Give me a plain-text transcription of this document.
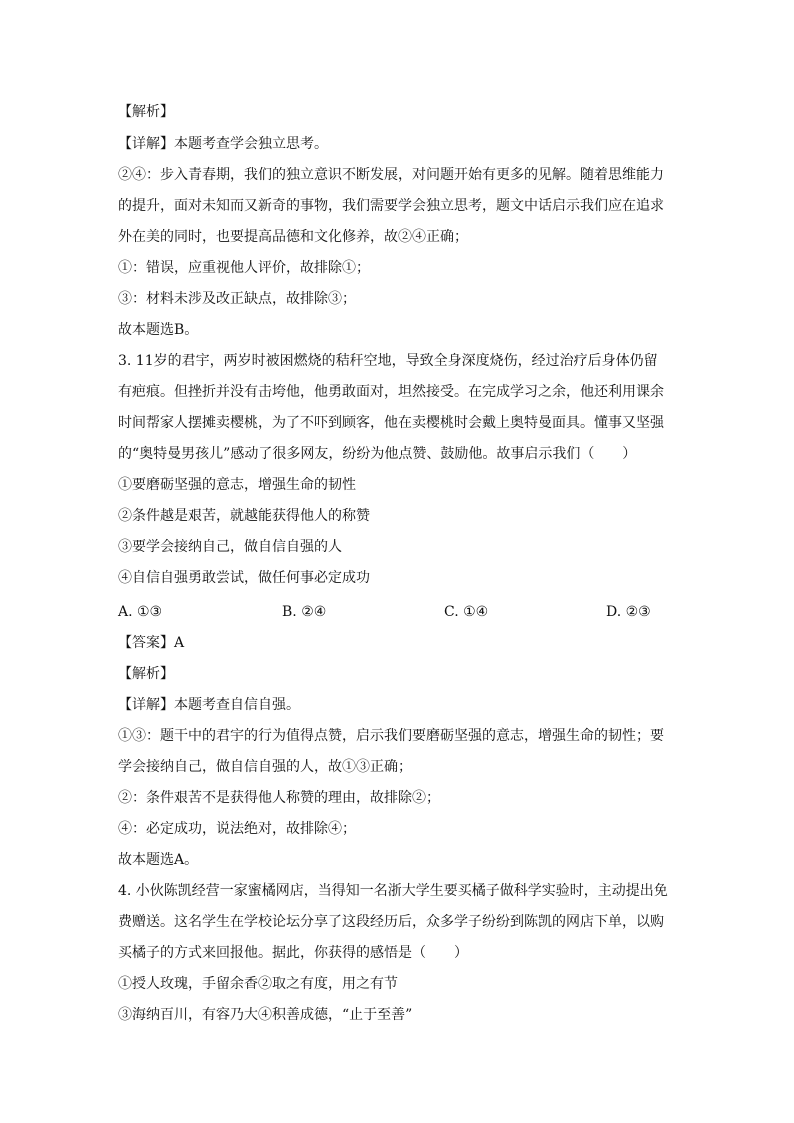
【解析】
【详解】本题考查学会独立思考。
②④：步入青春期，我们的独立意识不断发展，对问题开始有更多的见解。随着思维能力
的提升，面对未知而又新奇的事物，我们需要学会独立思考，题文中话启示我们应在追求
外在美的同时，也要提高品德和文化修养，故②④正确；
①：错误，应重视他人评价，故排除①；
③：材料未涉及改正缺点，故排除③；
故本题选B。
3. 11岁的君宇，两岁时被困燃烧的秸秆空地，导致全身深度烧伤，经过治疗后身体仍留
有疤痕。但挫折并没有击垮他，他勇敢面对，坦然接受。在完成学习之余，他还利用课余
时间帮家人摆摊卖樱桃，为了不吓到顾客，他在卖樱桃时会戴上奥特曼面具。懂事又坚强
的“奥特曼男孩儿”感动了很多网友，纷纷为他点赞、鼓励他。故事启示我们（　　）
①要磨砺坚强的意志，增强生命的韧性
②条件越是艰苦，就越能获得他人的称赞
③要学会接纳自己，做自信自强的人
④自信自强勇敢尝试，做任何事必定成功
A. ①③	B. ②④	C. ①④	D. ②③
【答案】A
【解析】
【详解】本题考查自信自强。
①③：题干中的君宇的行为值得点赞，启示我们要磨砺坚强的意志，增强生命的韧性；要
学会接纳自己，做自信自强的人，故①③正确；
②：条件艰苦不是获得他人称赞的理由，故排除②；
④：必定成功，说法绝对，故排除④；
故本题选A。
4. 小伙陈凯经营一家蜜橘网店，当得知一名浙大学生要买橘子做科学实验时，主动提出免
费赠送。这名学生在学校论坛分享了这段经历后，众多学子纷纷到陈凯的网店下单，以购
买橘子的方式来回报他。据此，你获得的感悟是（　　）
①授人玫瑰，手留余香②取之有度，用之有节
③海纳百川，有容乃大④积善成德，“止于至善”
